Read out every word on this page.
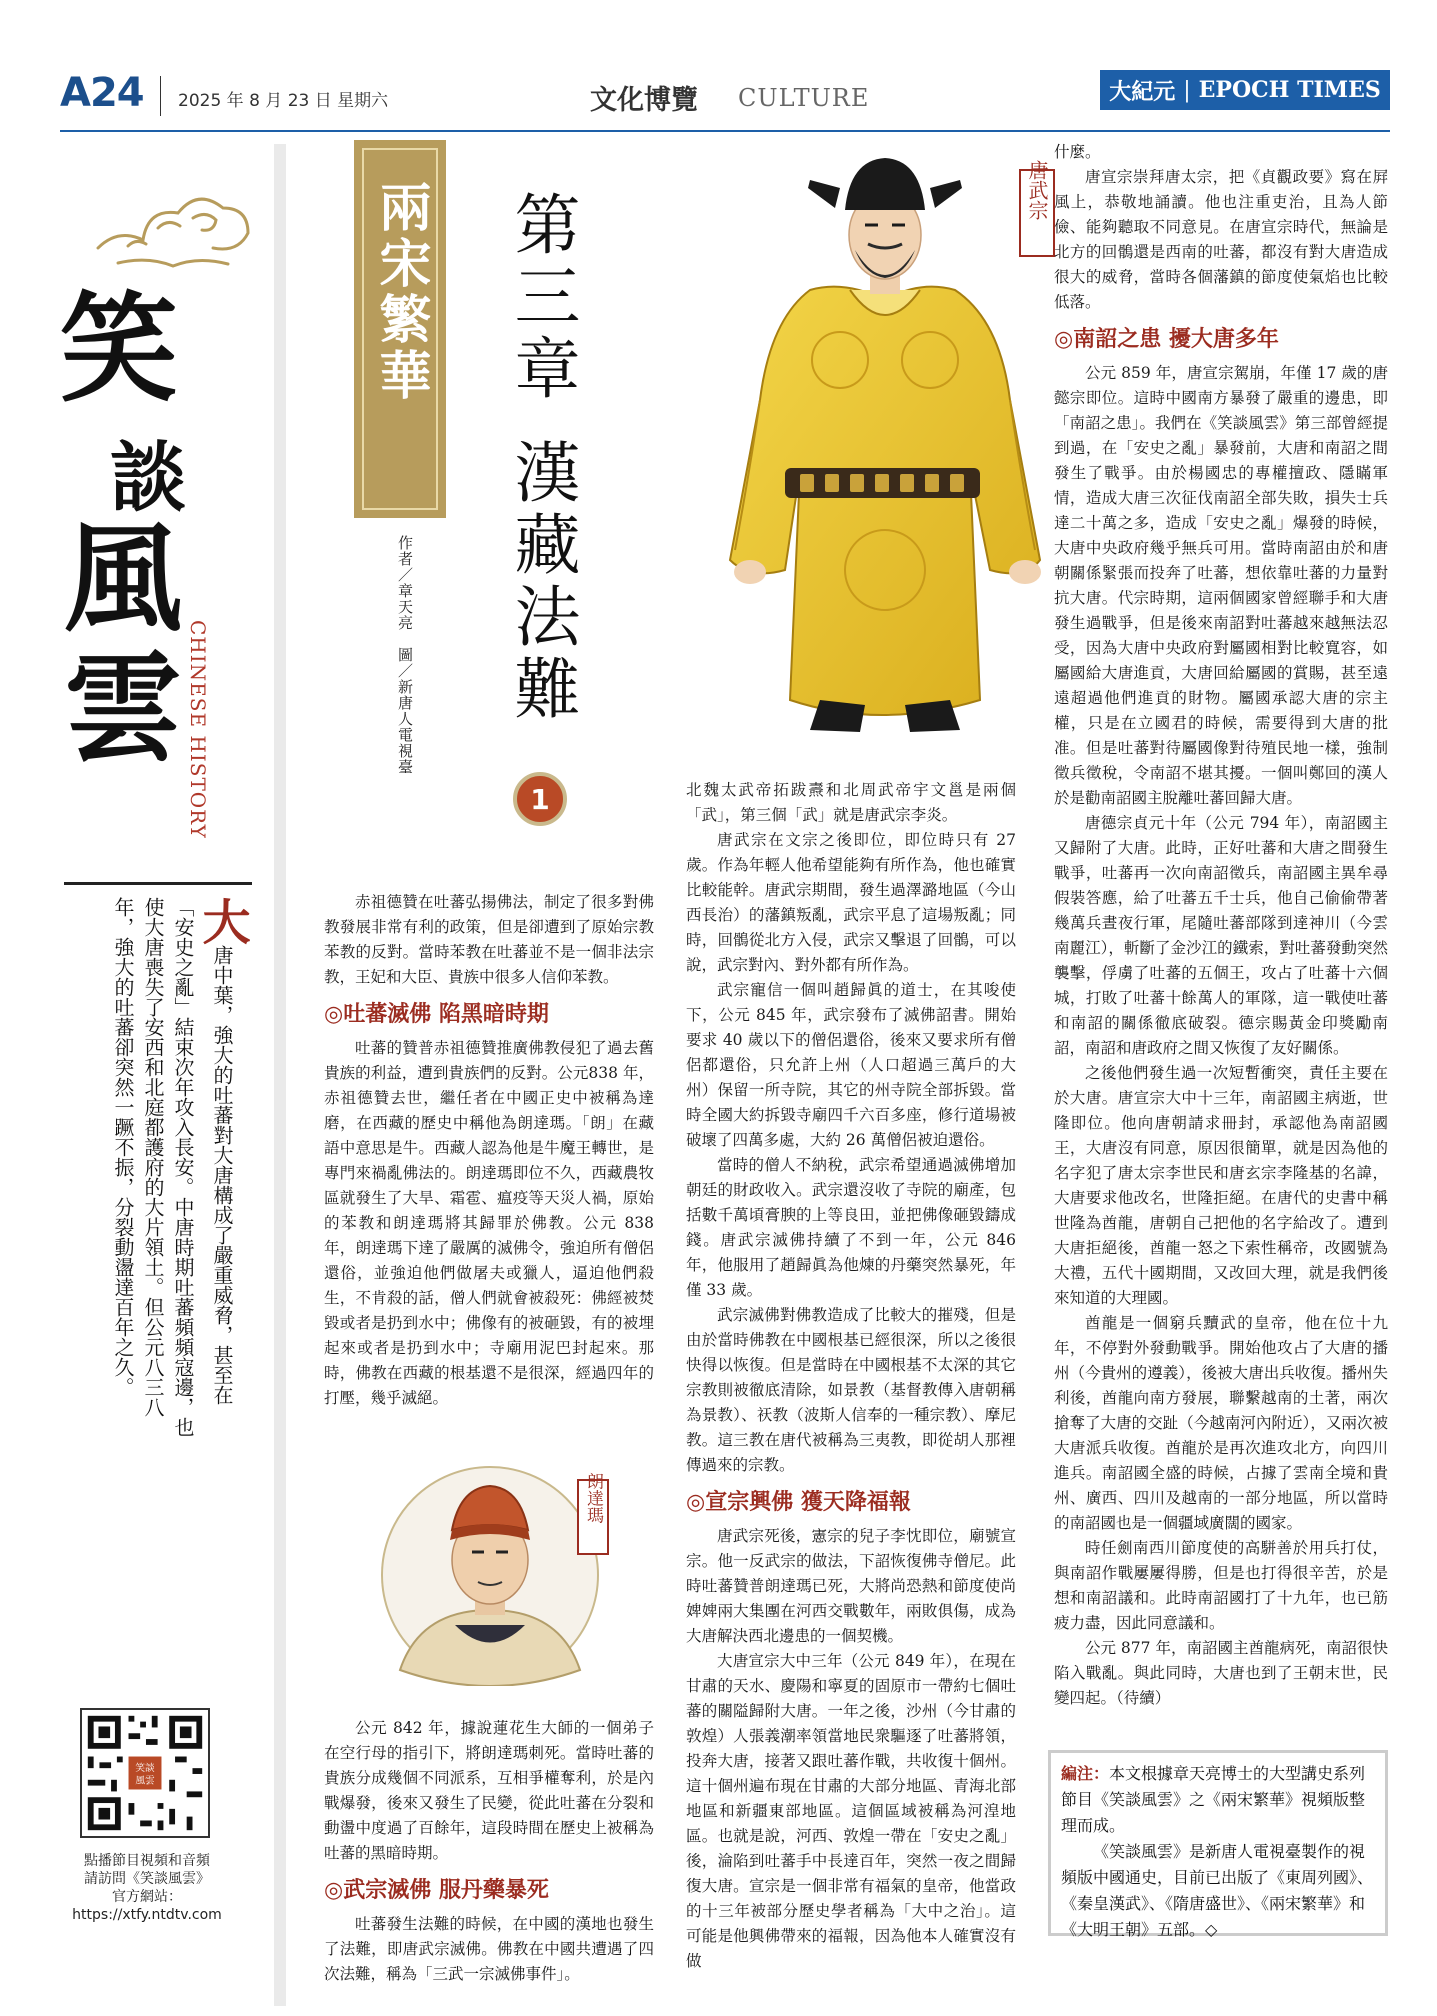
A24 2025 年 8 月 23 日 星期六	文化博覽 CULTURE	大紀元 | EPOCH TIMES
笑
談
風
雲 CHINESE HISTORY
大唐中葉，強大的吐蕃對大唐構成了嚴重威脅，甚至在「安史之亂」結束次年攻入長安。中唐時期吐蕃頻頻寇邊，也使大唐喪失了安西和北庭都護府的大片領土。但公元八三八年，強大的吐蕃卻突然一蹶不振，分裂動盪達百年之久。
笑談
風雲
點播節目視頻和音頻
請訪問《笑談風雲》
官方網站：
https://xtfy.ntdtv.com
兩宋繁華
作者／章天亮　圖／新唐人電視臺
第三章漢藏法難
1
唐武宗

赤祖德贊在吐蕃弘揚佛法，制定了很多對佛教發展非常有利的政策，但是卻遭到了原始宗教苯教的反對。當時苯教在吐蕃並不是一個非法宗教，王妃和大臣、貴族中很多人信仰苯教。

◎吐蕃滅佛 陷黑暗時期

吐蕃的贊普赤祖德贊推廣佛教侵犯了過去舊貴族的利益，遭到貴族們的反對。公元838 年，赤祖德贊去世，繼任者在中國正史中被稱為達磨，在西藏的歷史中稱他為朗達瑪。「朗」在藏語中意思是牛。西藏人認為他是牛魔王轉世，是專門來禍亂佛法的。朗達瑪即位不久，西藏農牧區就發生了大旱、霜雹、瘟疫等天災人禍，原始的苯教和朗達瑪將其歸罪於佛教。公元 838 年，朗達瑪下達了嚴厲的滅佛令，強迫所有僧侶還俗，並強迫他們做屠夫或獵人，逼迫他們殺生，不肯殺的話，僧人們就會被殺死：佛經被焚毀或者是扔到水中；佛像有的被砸毀，有的被埋起來或者是扔到水中；寺廟用泥巴封起來。那時，佛教在西藏的根基還不是很深，經過四年的打壓，幾乎滅絕。

朗達瑪

公元 842 年，據說蓮花生大師的一個弟子在空行母的指引下，將朗達瑪刺死。當時吐蕃的貴族分成幾個不同派系，互相爭權奪利，於是內戰爆發，後來又發生了民變，從此吐蕃在分裂和動盪中度過了百餘年，這段時間在歷史上被稱為吐蕃的黑暗時期。

◎武宗滅佛 服丹藥暴死

吐蕃發生法難的時候，在中國的漢地也發生了法難，即唐武宗滅佛。佛教在中國共遭遇了四次法難，稱為「三武一宗滅佛事件」。

北魏太武帝拓跋燾和北周武帝宇文邕是兩個「武」，第三個「武」就是唐武宗李炎。

唐武宗在文宗之後即位，即位時只有 27 歲。作為年輕人他希望能夠有所作為，他也確實比較能幹。唐武宗期間，發生過澤潞地區（今山西長治）的藩鎮叛亂，武宗平息了這場叛亂；同時，回鶻從北方入侵，武宗又擊退了回鶻，可以說，武宗對內、對外都有所作為。

武宗寵信一個叫趙歸眞的道士，在其唆使下，公元 845 年，武宗發布了滅佛詔書。開始要求 40 歲以下的僧侶還俗，後來又要求所有僧侶都還俗，只允許上州（人口超過三萬戶的大州）保留一所寺院，其它的州寺院全部拆毀。當時全國大約拆毀寺廟四千六百多座，修行道場被破壞了四萬多處，大約 26 萬僧侶被迫還俗。

當時的僧人不納稅，武宗希望通過滅佛增加朝廷的財政收入。武宗還沒收了寺院的廟產，包括數千萬頃膏腴的上等良田，並把佛像砸毀鑄成錢。唐武宗滅佛持續了不到一年，公元 846 年，他服用了趙歸眞為他煉的丹藥突然暴死，年僅 33 歲。

武宗滅佛對佛教造成了比較大的摧殘，但是由於當時佛教在中國根基已經很深，所以之後很快得以恢復。但是當時在中國根基不太深的其它宗教則被徹底清除，如景教（基督教傳入唐朝稱為景教）、祆教（波斯人信奉的一種宗教）、摩尼教。這三教在唐代被稱為三夷教，即從胡人那裡傳過來的宗教。

◎宣宗興佛 獲天降福報

唐武宗死後，憲宗的兒子李忱即位，廟號宣宗。他一反武宗的做法，下詔恢復佛寺僧尼。此時吐蕃贊普朗達瑪已死，大將尚恐熱和節度使尚婢婢兩大集團在河西交戰數年，兩敗俱傷，成為大唐解決西北邊患的一個契機。

大唐宣宗大中三年（公元 849 年），在現在甘肅的天水、慶陽和寧夏的固原市一帶約七個吐蕃的關隘歸附大唐。一年之後，沙州（今甘肅的敦煌）人張義潮率領當地民衆驅逐了吐蕃將領，投奔大唐，接著又跟吐蕃作戰，共收復十個州。這十個州遍布現在甘肅的大部分地區、青海北部地區和新疆東部地區。這個區域被稱為河湟地區。也就是說，河西、敦煌一帶在「安史之亂」後，淪陷到吐蕃手中長達百年，突然一夜之間歸復大唐。宣宗是一個非常有福氣的皇帝，他當政的十三年被部分歷史學者稱為「大中之治」。這可能是他興佛帶來的福報，因為他本人確實沒有做

什麼。

唐宣宗崇拜唐太宗，把《貞觀政要》寫在屛風上，恭敬地誦讀。他也注重吏治，且為人節儉、能夠聽取不同意見。在唐宣宗時代，無論是北方的回鶻還是西南的吐蕃，都沒有對大唐造成很大的威脅，當時各個藩鎮的節度使氣焰也比較低落。

◎南詔之患 擾大唐多年

公元 859 年，唐宣宗駕崩，年僅 17 歲的唐懿宗即位。這時中國南方暴發了嚴重的邊患，即「南詔之患」。我們在《笑談風雲》第三部曾經提到過，在「安史之亂」暴發前，大唐和南詔之間發生了戰爭。由於楊國忠的專權擅政、隱瞞軍情，造成大唐三次征伐南詔全部失敗，損失士兵達二十萬之多，造成「安史之亂」爆發的時候，大唐中央政府幾乎無兵可用。當時南詔由於和唐朝關係緊張而投奔了吐蕃，想依靠吐蕃的力量對抗大唐。代宗時期，這兩個國家曾經聯手和大唐發生過戰爭，但是後來南詔對吐蕃越來越無法忍受，因為大唐中央政府對屬國相對比較寬容，如屬國給大唐進貢，大唐回給屬國的賞賜，甚至遠遠超過他們進貢的財物。屬國承認大唐的宗主權，只是在立國君的時候，需要得到大唐的批准。但是吐蕃對待屬國像對待殖民地一樣，強制徵兵徵稅，令南詔不堪其擾。一個叫鄭回的漢人於是勸南詔國主脫離吐蕃回歸大唐。

唐德宗貞元十年（公元 794 年），南詔國主又歸附了大唐。此時，正好吐蕃和大唐之間發生戰爭，吐蕃再一次向南詔徵兵，南詔國主異牟尋假裝答應，給了吐蕃五千士兵，他自己偷偷帶著幾萬兵晝夜行軍，尾隨吐蕃部隊到達神川（今雲南麗江），斬斷了金沙江的鐵索，對吐蕃發動突然襲擊，俘虜了吐蕃的五個王，攻占了吐蕃十六個城，打敗了吐蕃十餘萬人的軍隊，這一戰使吐蕃和南詔的關係徹底破裂。德宗賜黃金印獎勵南詔，南詔和唐政府之間又恢復了友好關係。

之後他們發生過一次短暫衝突，責任主要在於大唐。唐宣宗大中十三年，南詔國主病逝，世隆即位。他向唐朝請求冊封，承認他為南詔國王，大唐沒有同意，原因很簡單，就是因為他的名字犯了唐太宗李世民和唐玄宗李隆基的名諱，大唐要求他改名，世隆拒絕。在唐代的史書中稱世隆為酋龍，唐朝自己把他的名字給改了。遭到大唐拒絕後，酋龍一怒之下索性稱帝，改國號為大禮，五代十國期間，又改回大理，就是我們後來知道的大理國。

酋龍是一個窮兵黷武的皇帝，他在位十九年，不停對外發動戰爭。開始他攻占了大唐的播州（今貴州的遵義），後被大唐出兵收復。播州失利後，酋龍向南方發展，聯繫越南的土著，兩次搶奪了大唐的交趾（今越南河內附近），又兩次被大唐派兵收復。酋龍於是再次進攻北方，向四川進兵。南詔國全盛的時候，占據了雲南全境和貴州、廣西、四川及越南的一部分地區，所以當時的南詔國也是一個疆域廣闊的國家。

時任劍南西川節度使的高駢善於用兵打仗，與南詔作戰屢屢得勝，但是也打得很辛苦，於是想和南詔議和。此時南詔國打了十九年，也已筋疲力盡，因此同意議和。

公元 877 年，南詔國主酋龍病死，南詔很快陷入戰亂。與此同時，大唐也到了王朝末世，民變四起。（待續）

編注：本文根據章天亮博士的大型講史系列節目《笑談風雲》之《兩宋繁華》視頻版整理而成。

《笑談風雲》是新唐人電視臺製作的視頻版中國通史，目前已出版了《東周列國》、《秦皇漢武》、《隋唐盛世》、《兩宋繁華》和《大明王朝》五部。◇
